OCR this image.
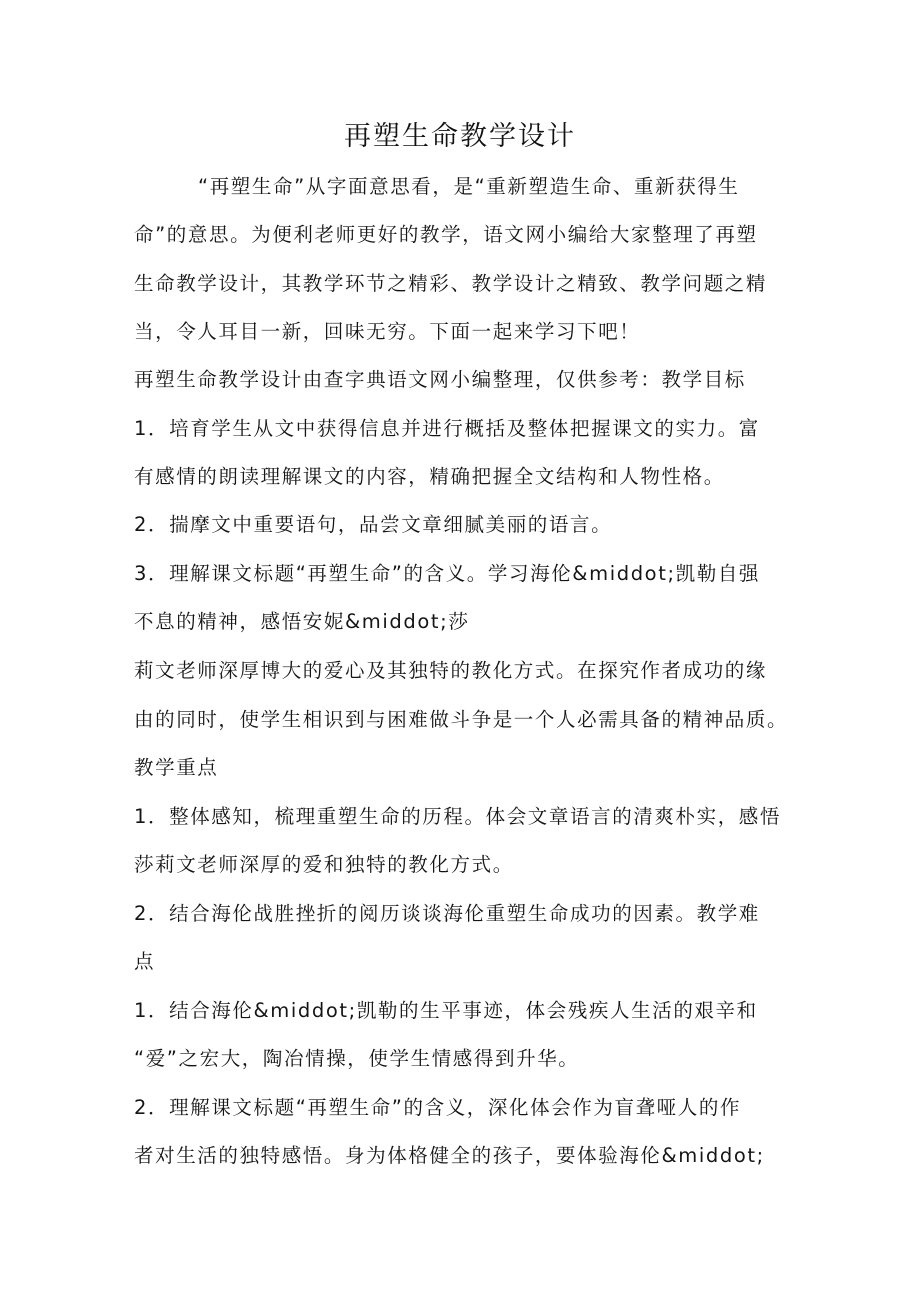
再塑生命教学设计
“再塑生命”从字面意思看，是“重新塑造生命、重新获得生
命”的意思。为便利老师更好的教学，语文网小编给大家整理了再塑
生命教学设计，其教学环节之精彩、教学设计之精致、教学问题之精
当，令人耳目一新，回味无穷。下面一起来学习下吧！
再塑生命教学设计由查字典语文网小编整理，仅供参考：教学目标
1．培育学生从文中获得信息并进行概括及整体把握课文的实力。富
有感情的朗读理解课文的内容，精确把握全文结构和人物性格。
2．揣摩文中重要语句，品尝文章细腻美丽的语言。
3．理解课文标题“再塑生命”的含义。学习海伦&middot;凯勒自强
不息的精神，感悟安妮&middot;莎
莉文老师深厚博大的爱心及其独特的教化方式。在探究作者成功的缘
由的同时，使学生相识到与困难做斗争是一个人必需具备的精神品质。
教学重点
1．整体感知，梳理重塑生命的历程。体会文章语言的清爽朴实，感悟
莎莉文老师深厚的爱和独特的教化方式。
2．结合海伦战胜挫折的阅历谈谈海伦重塑生命成功的因素。教学难
点
1．结合海伦&middot;凯勒的生平事迹，体会残疾人生活的艰辛和
“爱”之宏大，陶冶情操，使学生情感得到升华。
2．理解课文标题“再塑生命”的含义，深化体会作为盲聋哑人的作
者对生活的独特感悟。身为体格健全的孩子，要体验海伦&middot;
